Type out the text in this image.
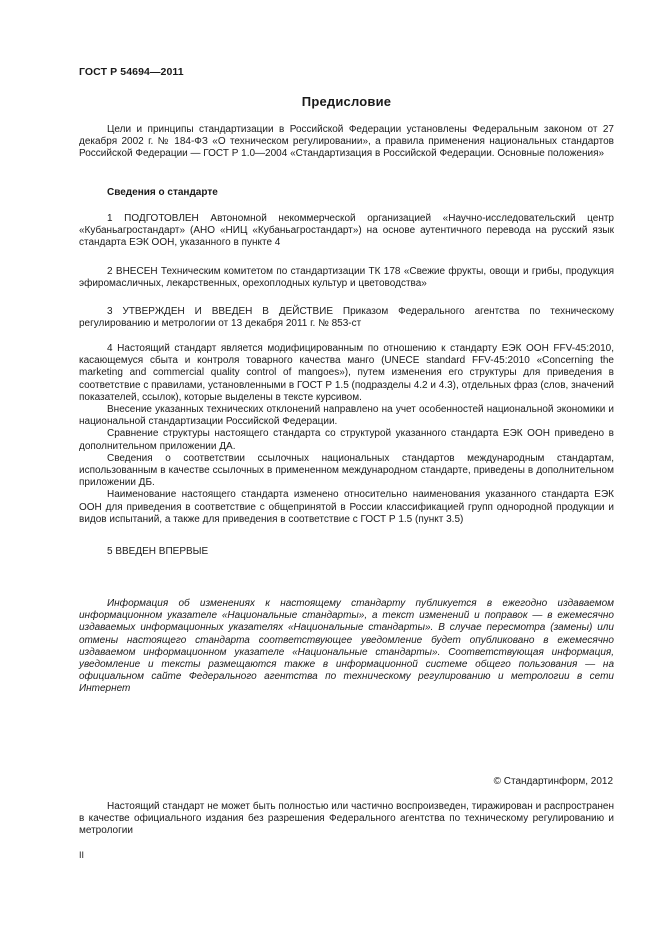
ГОСТ Р 54694—2011
Предисловие

Цели и принципы стандартизации в Российской Федерации установлены Федеральным законом от 27 декабря 2002 г. № 184-ФЗ «О техническом регулировании», а правила применения национальных стандартов Российской Федерации — ГОСТ Р 1.0—2004 «Стандартизация в Российской Федерации. Основные положения»

Сведения о стандарте

1 ПОДГОТОВЛЕН Автономной некоммерческой организацией «Научно-исследовательский центр «Кубаньагростандарт» (АНО «НИЦ «Кубаньагростандарт») на основе аутентичного перевода на русский язык стандарта ЕЭК ООН, указанного в пункте 4

2 ВНЕСЕН Техническим комитетом по стандартизации ТК 178 «Свежие фрукты, овощи и грибы, продукция эфиромасличных, лекарственных, орехоплодных культур и цветоводства»

3 УТВЕРЖДЕН И ВВЕДЕН В ДЕЙСТВИЕ Приказом Федерального агентства по техническому регулированию и метрологии от 13 декабря 2011 г. № 853-ст

4 Настоящий стандарт является модифицированным по отношению к стандарту ЕЭК ООН FFV-45:2010, касающемуся сбыта и контроля товарного качества манго (UNECE standard FFV-45:2010 «Concerning the marketing and commercial quality control of mangoes»), путем изменения его структуры для приведения в соответствие с правилами, установленными в ГОСТ Р 1.5 (подразделы 4.2 и 4.3), отдельных фраз (слов, значений показателей, ссылок), которые выделены в тексте курсивом.

Внесение указанных технических отклонений направлено на учет особенностей национальной экономики и национальной стандартизации Российской Федерации.

Сравнение структуры настоящего стандарта со структурой указанного стандарта ЕЭК ООН приведено в дополнительном приложении ДА.

Сведения о соответствии ссылочных национальных стандартов международным стандартам, использованным в качестве ссылочных в примененном международном стандарте, приведены в дополнительном приложении ДБ.

Наименование настоящего стандарта изменено относительно наименования указанного стандарта ЕЭК ООН для приведения в соответствие с общепринятой в России классификацией групп однородной продукции и видов испытаний, а также для приведения в соответствие с ГОСТ Р 1.5 (пункт 3.5)

5 ВВЕДЕН ВПЕРВЫЕ

Информация об изменениях к настоящему стандарту публикуется в ежегодно издаваемом информационном указателе «Национальные стандарты», а текст изменений и поправок — в ежемесячно издаваемых информационных указателях «Национальные стандарты». В случае пересмотра (замены) или отмены настоящего стандарта соответствующее уведомление будет опубликовано в ежемесячно издаваемом информационном указателе «Национальные стандарты». Соответствующая информация, уведомление и тексты размещаются также в информационной системе общего пользования — на официальном сайте Федерального агентства по техническому регулированию и метрологии в сети Интернет

© Стандартинформ, 2012

Настоящий стандарт не может быть полностью или частично воспроизведен, тиражирован и распространен в качестве официального издания без разрешения Федерального агентства по техническому регулированию и метрологии

II
